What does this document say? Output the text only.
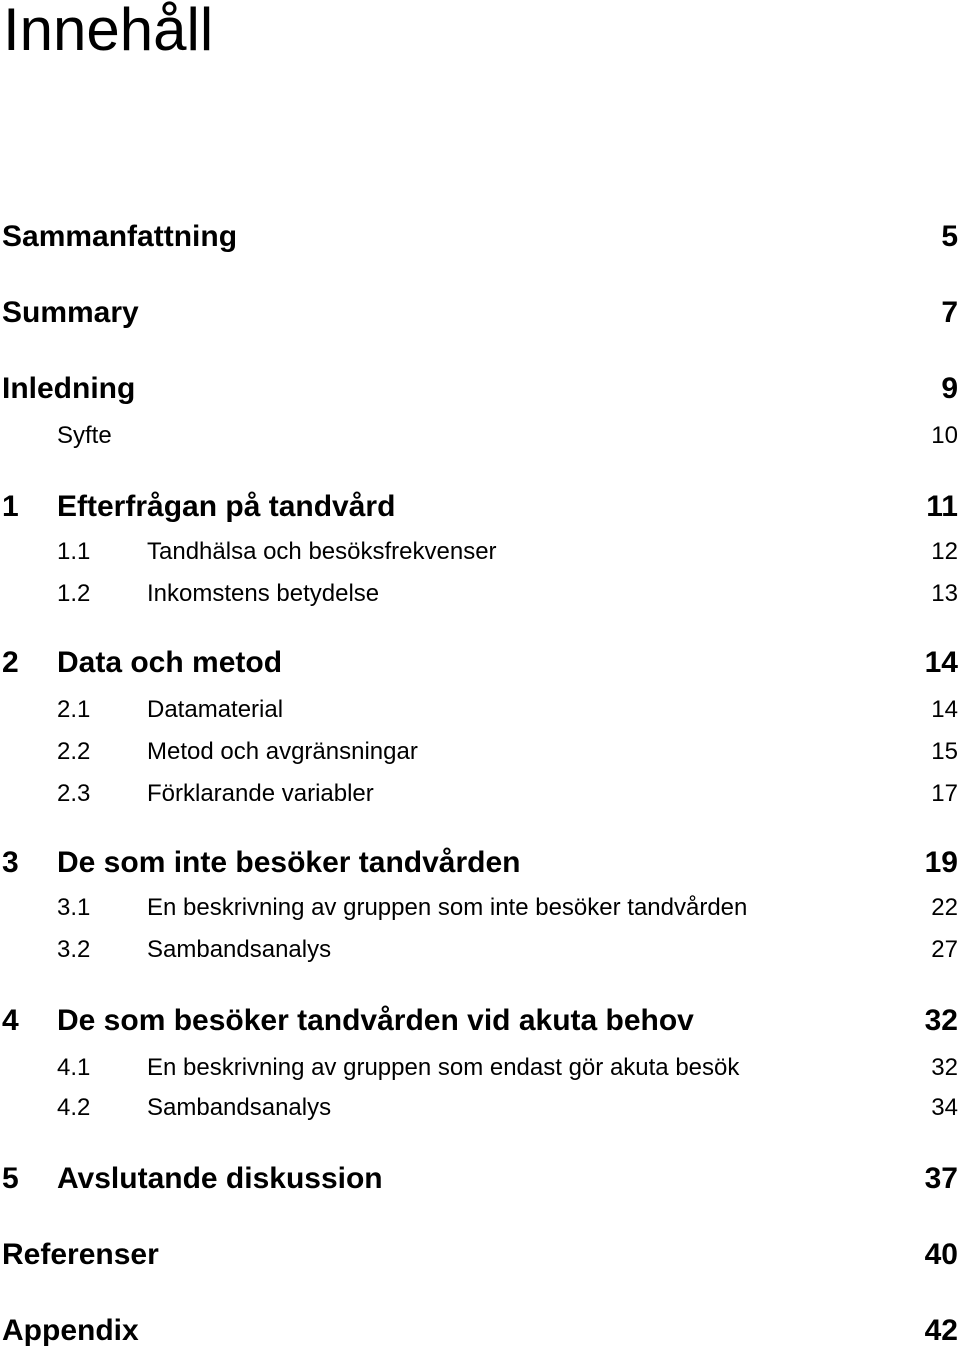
Innehåll
Sammanfattning	5
Summary	7
Inledning	9
Syfte	10
1	Efterfrågan på tandvård	11
1.1	Tandhälsa och besöksfrekvenser	12
1.2	Inkomstens betydelse	13
2	Data och metod	14
2.1	Datamaterial	14
2.2	Metod och avgränsningar	15
2.3	Förklarande variabler	17
3	De som inte besöker tandvården	19
3.1	En beskrivning av gruppen som inte besöker tandvården	22
3.2	Sambandsanalys	27
4	De som besöker tandvården vid akuta behov	32
4.1	En beskrivning av gruppen som endast gör akuta besök	32
4.2	Sambandsanalys	34
5	Avslutande diskussion	37
Referenser	40
Appendix	42
